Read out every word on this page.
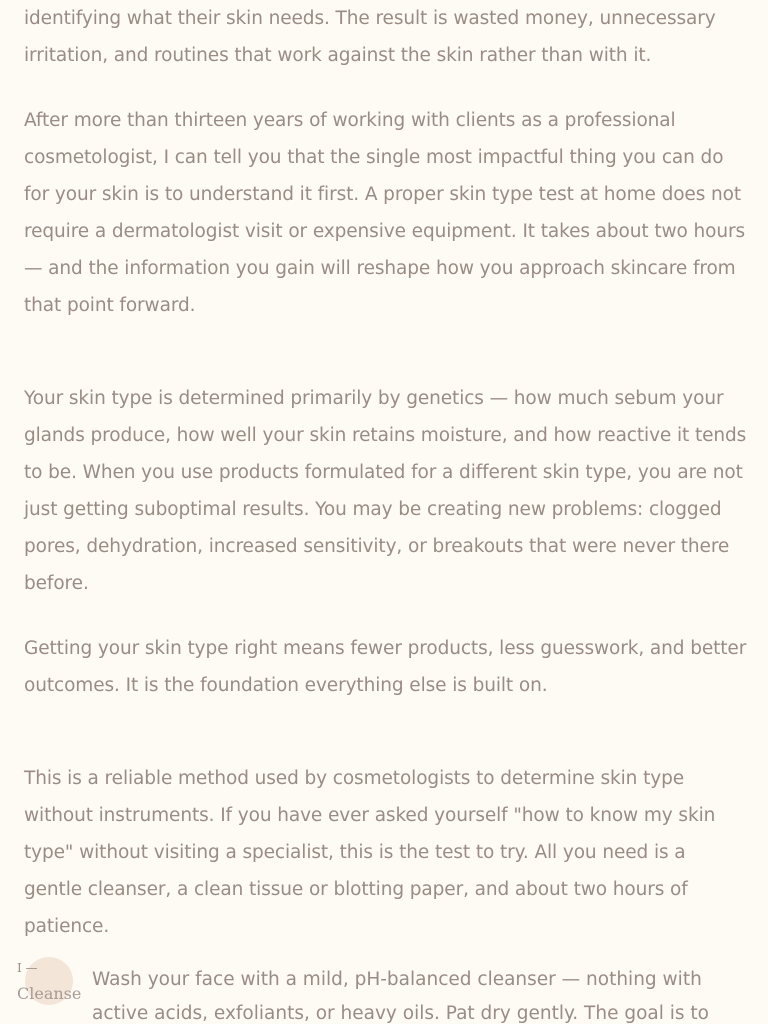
identifying what their skin needs. The result is wasted money, unnecessary irritation, and routines that work against the skin rather than with it.

After more than thirteen years of working with clients as a professional cosmetologist, I can tell you that the single most impactful thing you can do for your skin is to understand it first. A proper skin type test at home does not require a dermatologist visit or expensive equipment. It takes about two hours — and the information you gain will reshape how you approach skincare from that point forward.

Your skin type is determined primarily by genetics — how much sebum your glands produce, how well your skin retains moisture, and how reactive it tends to be. When you use products formulated for a different skin type, you are not just getting suboptimal results. You may be creating new problems: clogged pores, dehydration, increased sensitivity, or breakouts that were never there before.

Getting your skin type right means fewer products, less guesswork, and better outcomes. It is the foundation everything else is built on.

This is a reliable method used by cosmetologists to determine skin type without instruments. If you have ever asked yourself "how to know my skin type" without visiting a specialist, this is the test to try. All you need is a gentle cleanser, a clean tissue or blotting paper, and about two hours of patience.

I —
Cleanse

Wash your face with a mild, pH-balanced cleanser — nothing with active acids, exfoliants, or heavy oils. Pat dry gently. The goal is to
